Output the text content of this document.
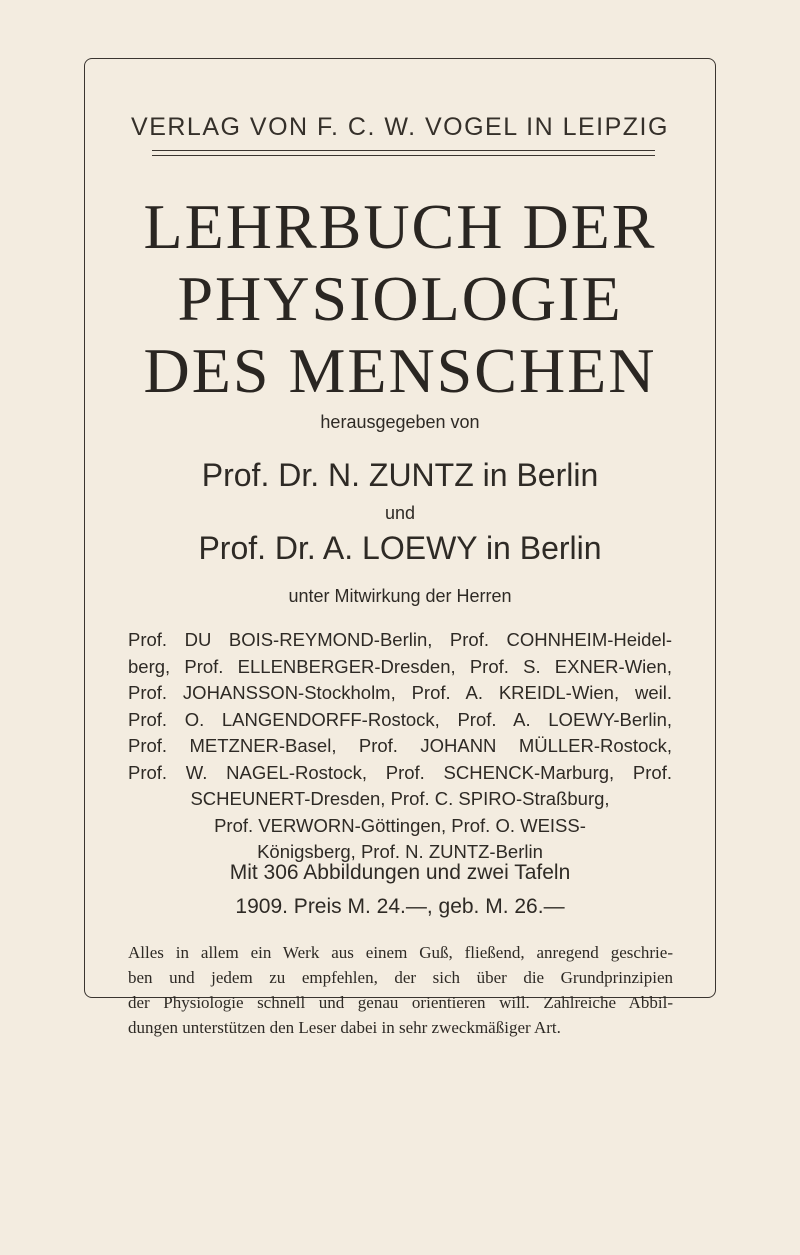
VERLAG VON F. C. W. VOGEL IN LEIPZIG
LEHRBUCH DER
PHYSIOLOGIE
DES MENSCHEN
herausgegeben von
Prof. Dr. N. ZUNTZ in Berlin
und
Prof. Dr. A. LOEWY in Berlin
unter Mitwirkung der Herren
Prof. DU BOIS-REYMOND-Berlin, Prof. COHNHEIM-Heidel-
berg, Prof. ELLENBERGER-Dresden, Prof. S. EXNER-Wien,
Prof. JOHANSSON-Stockholm, Prof. A. KREIDL-Wien, weil.
Prof. O. LANGENDORFF-Rostock, Prof. A. LOEWY-Berlin,
Prof. METZNER-Basel, Prof. JOHANN MÜLLER-Rostock,
Prof. W. NAGEL-Rostock, Prof. SCHENCK-Marburg, Prof.
SCHEUNERT-Dresden, Prof. C. SPIRO-Straßburg,
Prof. VERWORN-Göttingen, Prof. O. WEISS-
Königsberg, Prof. N. ZUNTZ-Berlin
Mit 306 Abbildungen und zwei Tafeln
1909. Preis M. 24.—, geb. M. 26.—
Alles in allem ein Werk aus einem Guß, fließend, anregend geschrie-
ben und jedem zu empfehlen, der sich über die Grundprinzipien
der Physiologie schnell und genau orientieren will. Zahlreiche Abbil-
dungen unterstützen den Leser dabei in sehr zweckmäßiger Art.
